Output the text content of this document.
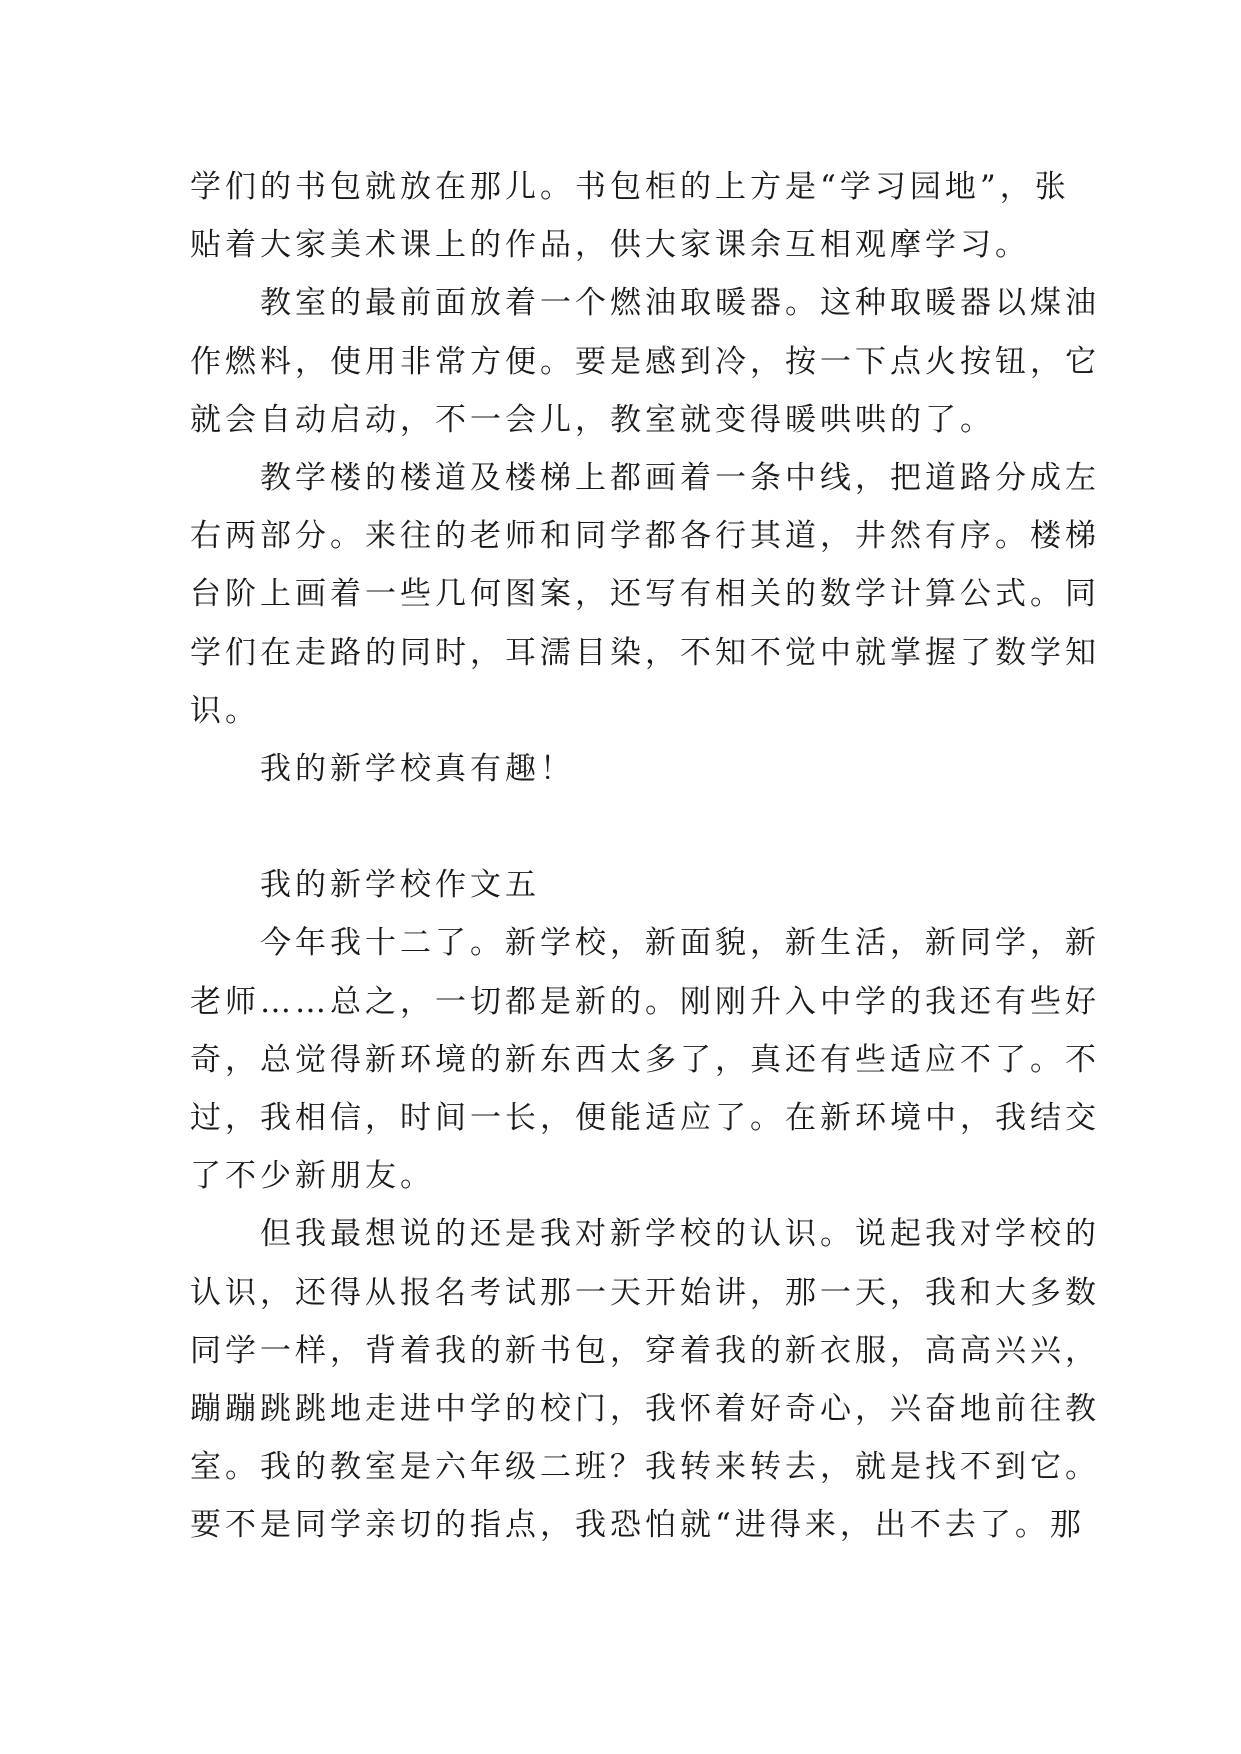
学们的书包就放在那儿。书包柜的上方是“学习园地”，张

贴着大家美术课上的作品，供大家课余互相观摩学习。

教室的最前面放着一个燃油取暖器。这种取暖器以煤油

作燃料，使用非常方便。要是感到冷，按一下点火按钮，它

就会自动启动，不一会儿，教室就变得暖哄哄的了。

教学楼的楼道及楼梯上都画着一条中线，把道路分成左

右两部分。来往的老师和同学都各行其道，井然有序。楼梯

台阶上画着一些几何图案，还写有相关的数学计算公式。同

学们在走路的同时，耳濡目染，不知不觉中就掌握了数学知

识。

我的新学校真有趣！

我的新学校作文五

今年我十二了。新学校，新面貌，新生活，新同学，新

老师……总之，一切都是新的。刚刚升入中学的我还有些好

奇，总觉得新环境的新东西太多了，真还有些适应不了。不

过，我相信，时间一长，便能适应了。在新环境中，我结交

了不少新朋友。

但我最想说的还是我对新学校的认识。说起我对学校的

认识，还得从报名考试那一天开始讲，那一天，我和大多数

同学一样，背着我的新书包，穿着我的新衣服，高高兴兴，

蹦蹦跳跳地走进中学的校门，我怀着好奇心，兴奋地前往教

室。我的教室是六年级二班？我转来转去，就是找不到它。

要不是同学亲切的指点，我恐怕就“进得来，出不去了。那
